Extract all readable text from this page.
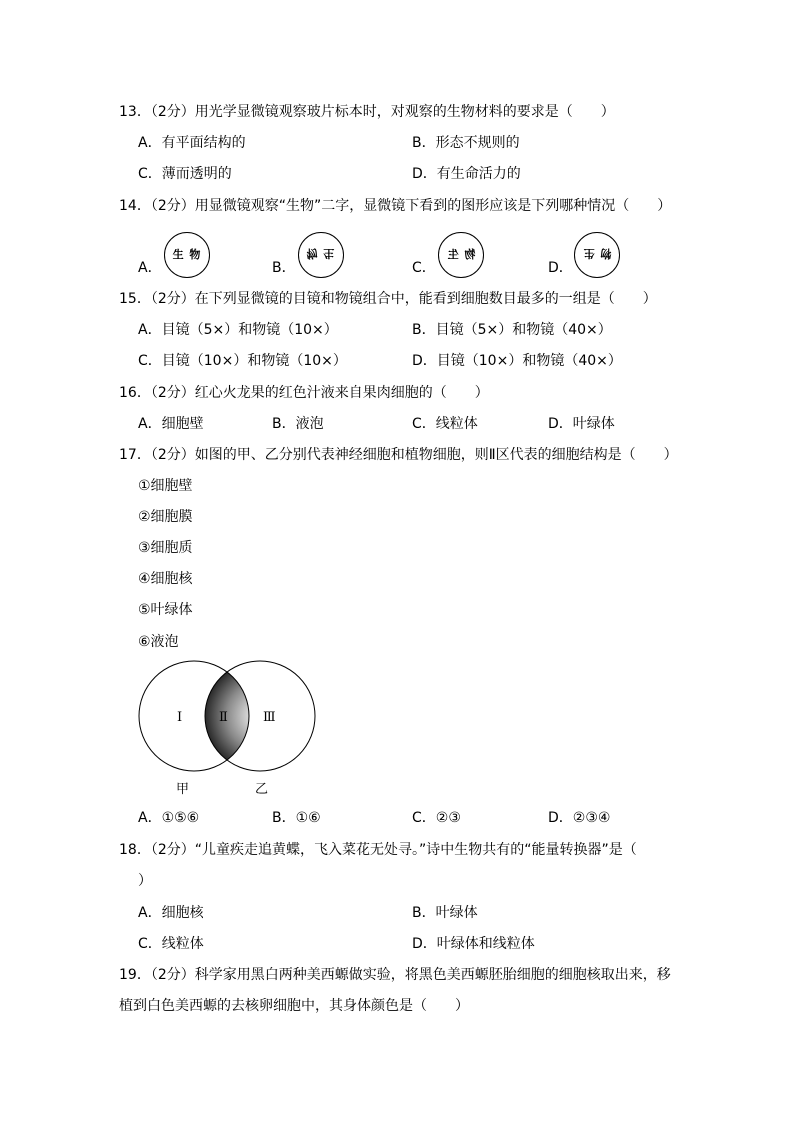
13．（2分）用光学显微镜观察玻片标本时，对观察的生物材料的要求是（　　）
A．有平面结构的	B．形态不规则的
C．薄而透明的	D．有生命活力的
14．（2分）用显微镜观察“生物”二字，显微镜下看到的图形应该是下列哪种情况（　　）
A．
生 物
B．
物 生
C．
物 生
D．
物 生
15．（2分）在下列显微镜的目镜和物镜组合中，能看到细胞数目最多的一组是（　　）
A．目镜（5×）和物镜（10×）	B．目镜（5×）和物镜（40×）
C．目镜（10×）和物镜（10×）	D．目镜（10×）和物镜（40×）
16．（2分）红心火龙果的红色汁液来自果肉细胞的（　　）
A．细胞壁	B．液泡	C．线粒体	D．叶绿体
17．（2分）如图的甲、乙分别代表神经细胞和植物细胞，则Ⅱ区代表的细胞结构是（　　）
①细胞壁
②细胞膜
③细胞质
④细胞核
⑤叶绿体
⑥液泡
Ⅰ	Ⅱ	Ⅲ
甲	乙
A．①⑤⑥	B．①⑥	C．②③	D．②③④
18．（2分）“儿童疾走追黄蝶，飞入菜花无处寻。”诗中生物共有的“能量转换器”是（
）
A．细胞核	B．叶绿体
C．线粒体	D．叶绿体和线粒体
19．（2分）科学家用黑白两种美西螈做实验，将黑色美西螈胚胎细胞的细胞核取出来，移
植到白色美西螈的去核卵细胞中，其身体颜色是（　　）
